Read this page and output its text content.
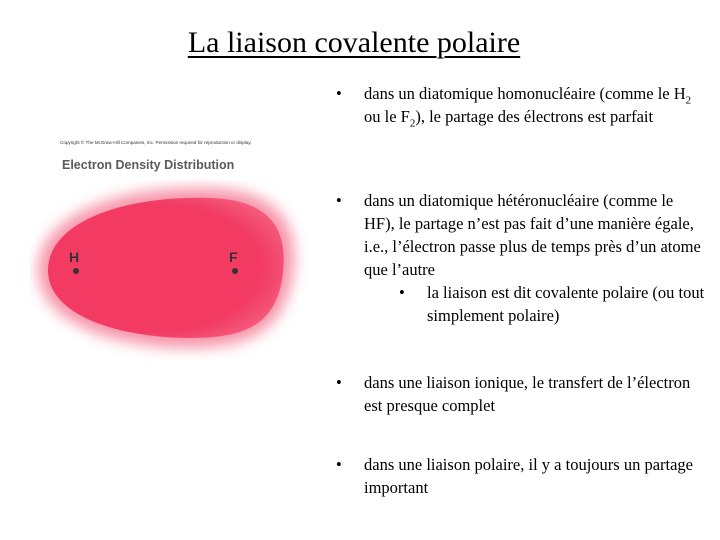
La liaison covalente polaire
Copyright © The McGraw-Hill Companies, Inc. Permission required for reproduction or display.
Electron Density Distribution
H	F
• dans un diatomique homonucléaire (comme le $H_2$ ou le $F_2$), le partage des électrons est parfait
• dans un diatomique hétéronucléaire (comme le HF), le partage n’est pas fait d’une manière égale, i.e., l’électron passe plus de temps près d’un atome que l’autre
• la liaison est dit covalente polaire (ou tout simplement polaire)
• dans une liaison ionique, le transfert de l’électron est presque complet
• dans une liaison polaire, il y a toujours un partage important
